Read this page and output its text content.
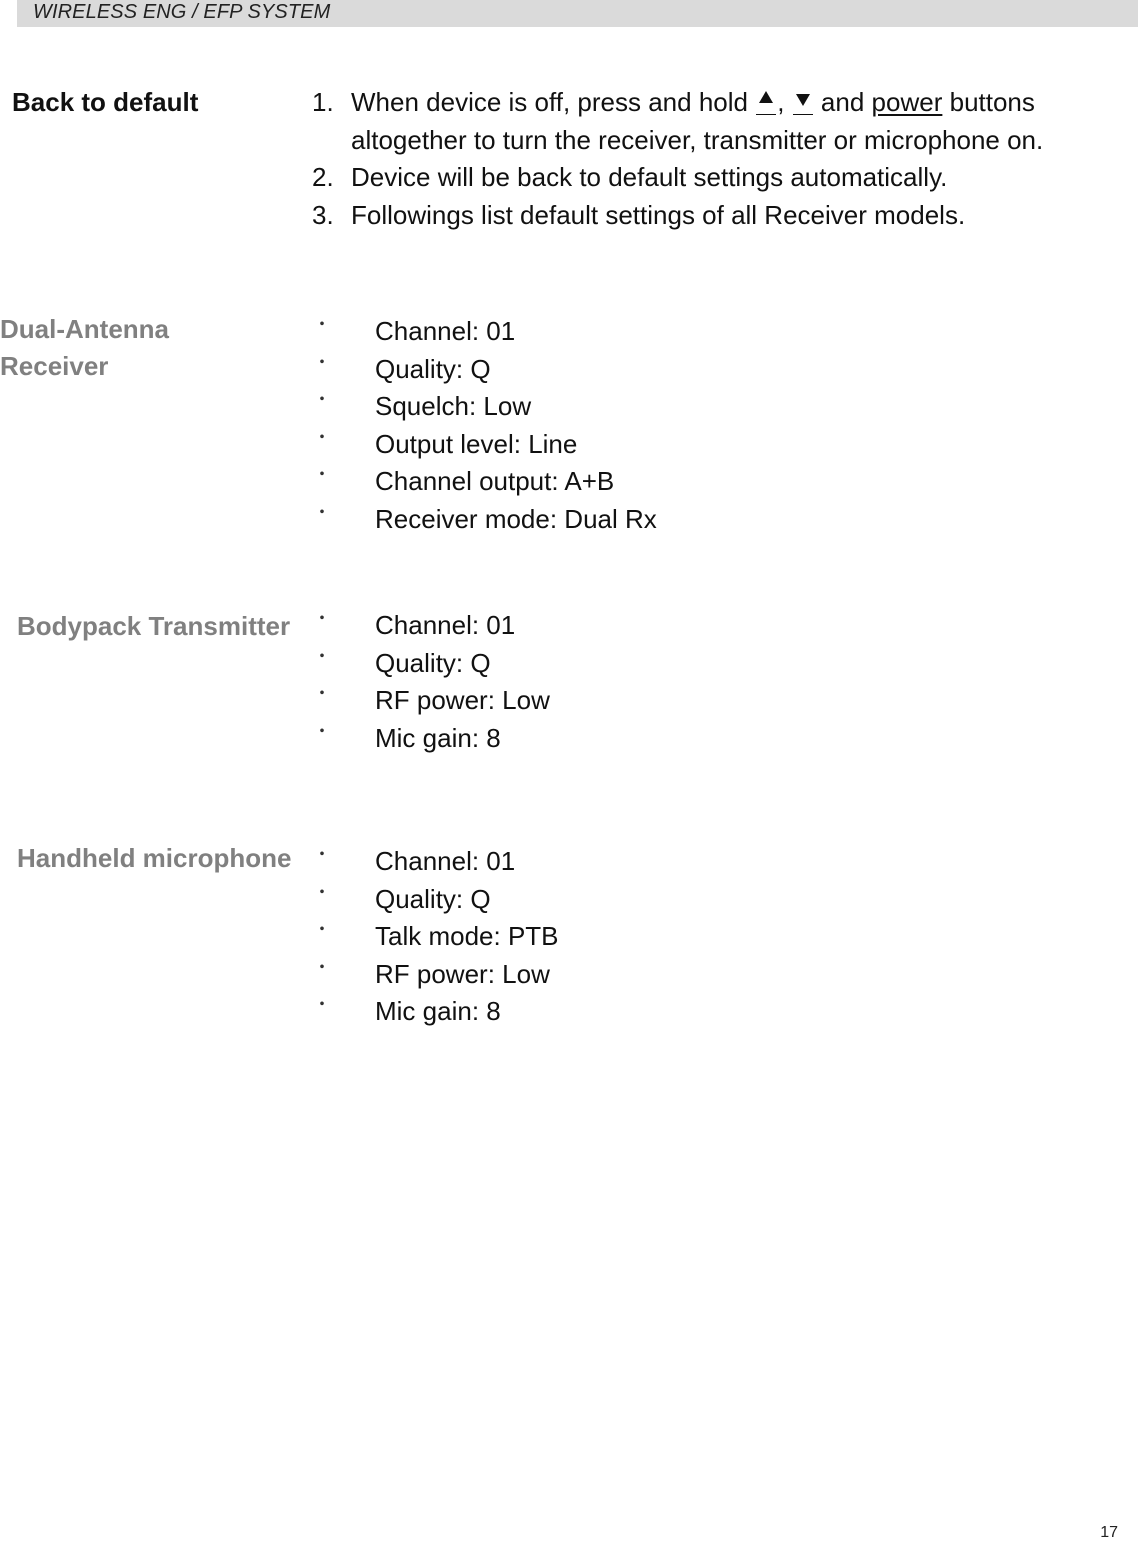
WIRELESS ENG / EFP SYSTEM
Back to default	1. When device is off, press and hold , and power buttons altogether to turn the receiver, transmitter or microphone on.
2. Device will be back to default settings automatically.
3. Followings list default settings of all Receiver models.
Dual-Antenna Receiver
・ Channel: 01
・ Quality: Q
・ Squelch: Low
・ Output level: Line
・ Channel output: A+B
・ Receiver mode: Dual Rx
Bodypack Transmitter ・ Channel: 01
・ Quality: Q
・ RF power: Low
・ Mic gain: 8
Handheld microphone ・ Channel: 01
・ Quality: Q
・ Talk mode: PTB
・ RF power: Low
・ Mic gain: 8
17
